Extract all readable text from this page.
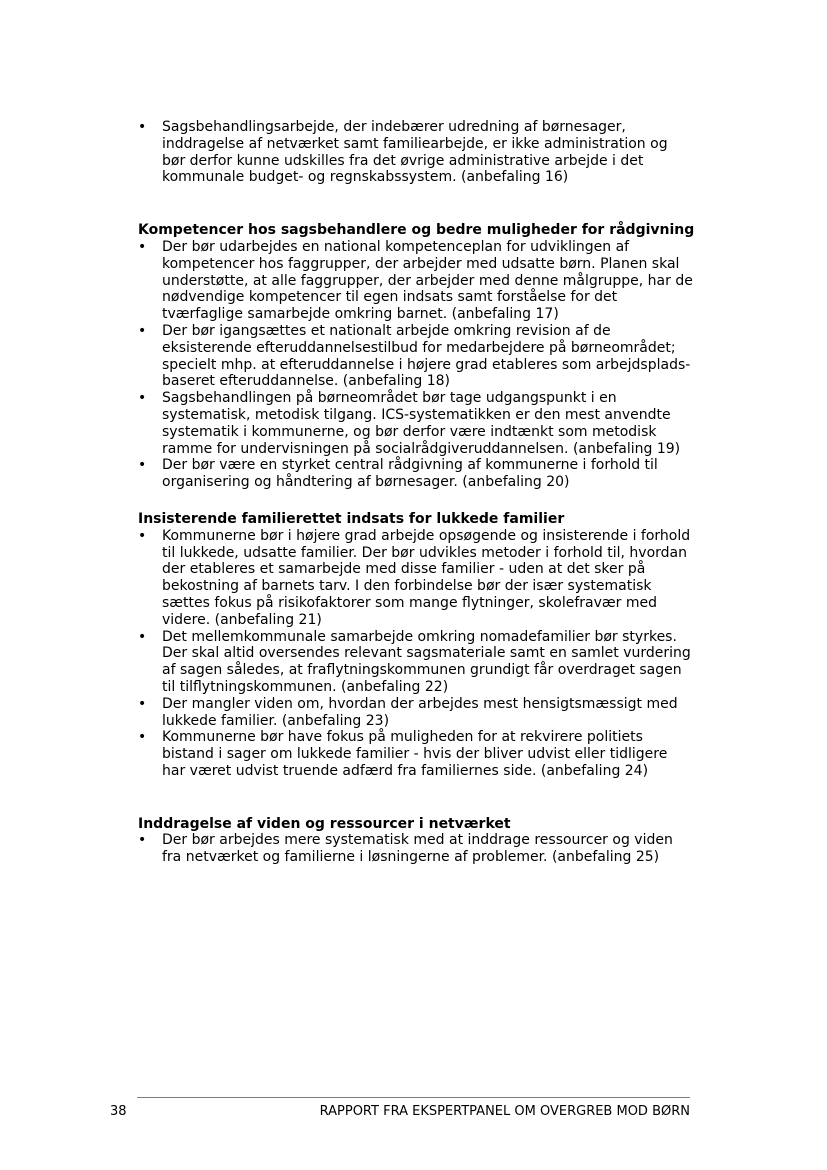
• Sagsbehandlingsarbejde, der indebærer udredning af børnesager, inddragelse af netværket samt familiearbejde, er ikke administration og bør derfor kunne udskilles fra det øvrige administrative arbejde i det kommunale budget- og regnskabssystem. (anbefaling 16)
Kompetencer hos sagsbehandlere og bedre muligheder for rådgivning
• Der bør udarbejdes en national kompetenceplan for udviklingen af kompetencer hos faggrupper, der arbejder med udsatte børn. Planen skal understøtte, at alle faggrupper, der arbejder med denne målgruppe, har de nødvendige kompetencer til egen indsats samt forståelse for det tværfaglige samarbejde omkring barnet. (anbefaling 17)
• Der bør igangsættes et nationalt arbejde omkring revision af de eksisterende efteruddannelsestilbud for medarbejdere på børneområdet; specielt mhp. at efteruddannelse i højere grad etableres som arbejdsplads-baseret efteruddannelse. (anbefaling 18)
• Sagsbehandlingen på børneområdet bør tage udgangspunkt i en systematisk, metodisk tilgang. ICS-systematikken er den mest anvendte systematik i kommunerne, og bør derfor være indtænkt som metodisk ramme for undervisningen på socialrådgiveruddannelsen. (anbefaling 19)
• Der bør være en styrket central rådgivning af kommunerne i forhold til organisering og håndtering af børnesager. (anbefaling 20)
Insisterende familierettet indsats for lukkede familier
• Kommunerne bør i højere grad arbejde opsøgende og insisterende i forhold til lukkede, udsatte familier. Der bør udvikles metoder i forhold til, hvordan der etableres et samarbejde med disse familier - uden at det sker på bekostning af barnets tarv. I den forbindelse bør der især systematisk sættes fokus på risikofaktorer som mange flytninger, skolefravær med videre. (anbefaling 21)
• Det mellemkommunale samarbejde omkring nomadefamilier bør styrkes. Der skal altid oversendes relevant sagsmateriale samt en samlet vurdering af sagen således, at fraflytningskommunen grundigt får overdraget sagen til tilflytningskommunen. (anbefaling 22)
• Der mangler viden om, hvordan der arbejdes mest hensigtsmæssigt med lukkede familier. (anbefaling 23)
• Kommunerne bør have fokus på muligheden for at rekvirere politiets bistand i sager om lukkede familier - hvis der bliver udvist eller tidligere har været udvist truende adfærd fra familiernes side. (anbefaling 24)
Inddragelse af viden og ressourcer i netværket
• Der bør arbejdes mere systematisk med at inddrage ressourcer og viden fra netværket og familierne i løsningerne af problemer. (anbefaling 25)
38	RAPPORT FRA EKSPERTPANEL OM OVERGREB MOD BØRN
